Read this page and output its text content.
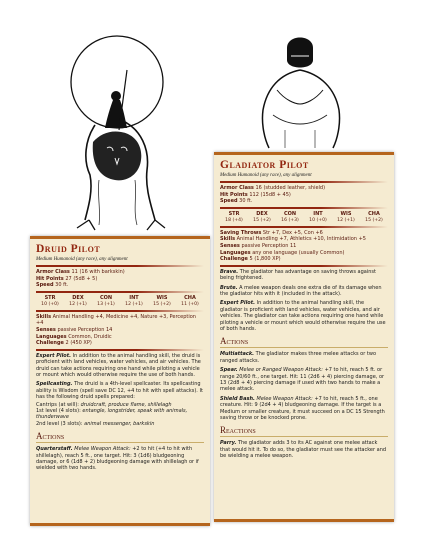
Druid Pilot
Medium Humanoid (any race), any alignment
Armor Class 11 (16 with barkskin)
Hit Points 27 (5d8 + 5)
Speed 30 ft.
STR
10 (+0)
DEX
12 (+1)
CON
13 (+1)
INT
12 (+1)
WIS
15 (+2)
CHA
11 (+0)
Skills Animal Handling +4, Medicine +4, Nature +3, Perception +4
Senses passive Perception 14
Languages Common, Druidic
Challenge 2 (450 XP)
Expert Pilot. In addition to the animal handling skill, the druid is proficient with land vehicles, water vehicles, and air vehicles. The druid can take actions requiring one hand while piloting a vehicle or mount which would otherwise require the use of both hands.
Spellcasting. The druid is a 4th-level spellcaster. Its spellcasting ability is Wisdom (spell save DC 12, +4 to hit with spell attacks). It has the following druid spells prepared:
Cantrips (at will): druidcraft, produce flame, shillelagh
1st level (4 slots): entangle, longstrider, speak with animals, thunderwave
2nd level (3 slots): animal messenger, barkskin
Actions
Quarterstaff. Melee Weapon Attack: +2 to hit (+4 to hit with shillelagh), reach 5 ft., one target. Hit: 3 (1d6) bludgeoning damage, or 6 (1d8 + 2) bludgeoning damage with shillelagh or if wielded with two hands.
Gladiator Pilot
Medium Humanoid (any race), any alignment
Armor Class 16 (studded leather, shield)
Hit Points 112 (15d8 + 45)
Speed 30 ft.
STR
18 (+4)
DEX
15 (+2)
CON
16 (+3)
INT
10 (+0)
WIS
12 (+1)
CHA
15 (+2)
Saving Throws Str +7, Dex +5, Con +6
Skills Animal Handling +7, Athletics +10, Intimidation +5
Senses passive Perception 11
Languages any one language (usually Common)
Challenge 5 (1,800 XP)
Brave. The gladiator has advantage on saving throws against being frightened.
Brute. A melee weapon deals one extra die of its damage when the gladiator hits with it (included in the attack).
Expert Pilot. In addition to the animal handling skill, the gladiator is proficient with land vehicles, water vehicles, and air vehicles. The gladiator can take actions requiring one hand while piloting a vehicle or mount which would otherwise require the use of both hands.
Actions
Multiattack. The gladiator makes three melee attacks or two ranged attacks.
Spear. Melee or Ranged Weapon Attack: +7 to hit, reach 5 ft. or range 20/60 ft., one target. Hit: 11 (2d6 + 4) piercing damage, or 13 (2d8 + 4) piercing damage if used with two hands to make a melee attack.
Shield Bash. Melee Weapon Attack: +7 to hit, reach 5 ft., one creature. Hit: 9 (2d4 + 4) bludgeoning damage. If the target is a Medium or smaller creature, it must succeed on a DC 15 Strength saving throw or be knocked prone.
Reactions
Parry. The gladiator adds 3 to its AC against one melee attack that would hit it. To do so, the gladiator must see the attacker and be wielding a melee weapon.
